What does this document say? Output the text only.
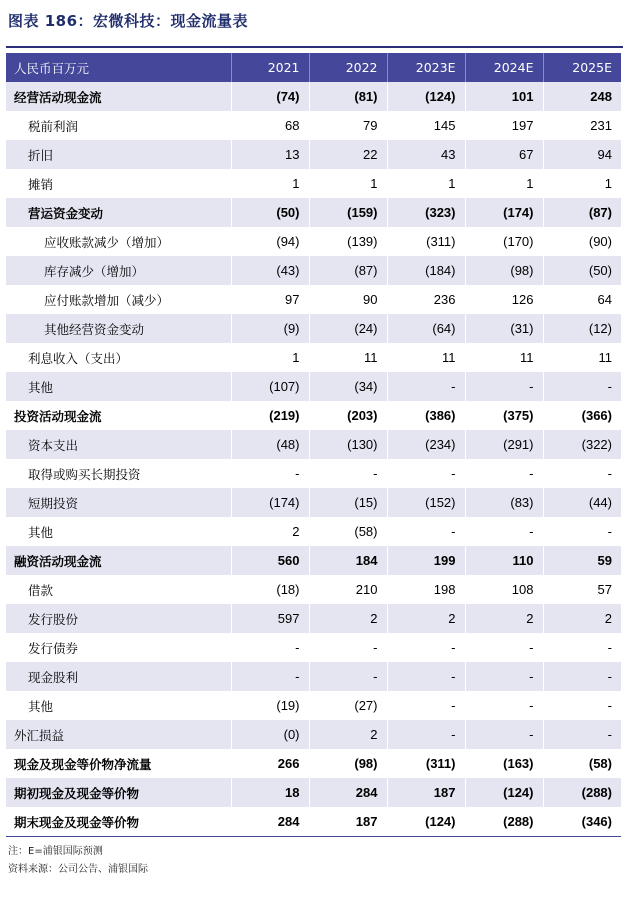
图表 186：宏微科技：现金流量表
人民币百万元	2021	2022	2023E	2024E	2025E
经营活动现金流	(74)	(81)	(124)	101	248
税前利润	68	79	145	197	231
折旧	13	22	43	67	94
摊销	1	1	1	1	1
营运资金变动	(50)	(159)	(323)	(174)	(87)
应收账款减少（增加）	(94)	(139)	(311)	(170)	(90)
库存减少（增加）	(43)	(87)	(184)	(98)	(50)
应付账款增加（减少）	97	90	236	126	64
其他经营资金变动	(9)	(24)	(64)	(31)	(12)
利息收入（支出）	1	11	11	11	11
其他	(107)	(34)	-	-	-
投资活动现金流	(219)	(203)	(386)	(375)	(366)
资本支出	(48)	(130)	(234)	(291)	(322)
取得或购买长期投资	-	-	-	-	-
短期投资	(174)	(15)	(152)	(83)	(44)
其他	2	(58)	-	-	-
融资活动现金流	560	184	199	110	59
借款	(18)	210	198	108	57
发行股份	597	2	2	2	2
发行债券	-	-	-	-	-
现金股利	-	-	-	-	-
其他	(19)	(27)	-	-	-
外汇损益	(0)	2	-	-	-
现金及现金等价物净流量	266	(98)	(311)	(163)	(58)
期初现金及现金等价物	18	284	187	(124)	(288)
期末现金及现金等价物	284	187	(124)	(288)	(346)
注：E=浦银国际预测
资料来源：公司公告、浦银国际
